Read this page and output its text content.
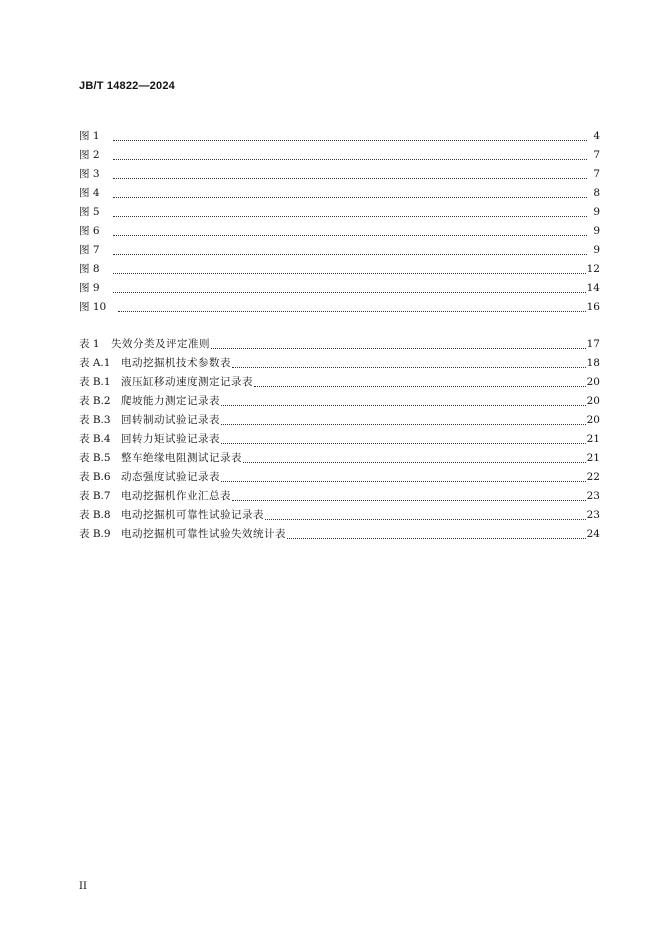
JB/T 14822—2024
图 1	4
图 2	7
图 3	7
图 4	8
图 5	9
图 6	9
图 7	9
图 8	12
图 9	14
图 10	16
表 1	失效分类及评定准则	17
表 A.1	电动挖掘机技术参数表	18
表 B.1 液压缸移动速度测定记录表	20
表 B.2 爬坡能力测定记录表	20
表 B.3 回转制动试验记录表	20
表 B.4 回转力矩试验记录表	21
表 B.5 整车绝缘电阻测试记录表	21
表 B.6 动态强度试验记录表	22
表 B.7 电动挖掘机作业汇总表	23
表 B.8 电动挖掘机可靠性试验记录表	23
表 B.9 电动挖掘机可靠性试验失效统计表	24
II
